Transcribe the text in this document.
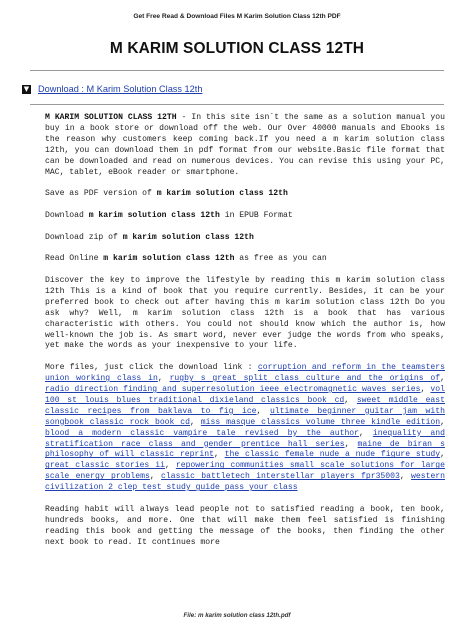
Get Free Read & Download Files M Karim Solution Class 12th PDF
M KARIM SOLUTION CLASS 12TH
▼ Download : M Karim Solution Class 12th

M KARIM SOLUTION CLASS 12TH - In this site isn`t the same as a solution manual you buy in a book store or download off the web. Our Over 40000 manuals and Ebooks is the reason why customers keep coming back.If you need a m karim solution class 12th, you can download them in pdf format from our website.Basic file format that can be downloaded and read on numerous devices. You can revise this using your PC, MAC, tablet, eBook reader or smartphone.

Save as PDF version of m karim solution class 12th

Download m karim solution class 12th in EPUB Format

Download zip of m karim solution class 12th

Read Online m karim solution class 12th as free as you can

Discover the key to improve the lifestyle by reading this m karim solution class 12th This is a kind of book that you require currently. Besides, it can be your preferred book to check out after having this m karim solution class 12th Do you ask why? Well, m karim solution class 12th is a book that has various characteristic with others. You could not should know which the author is, how well-known the job is. As smart word, never ever judge the words from who speaks, yet make the words as your inexpensive to your life.

More files, just click the download link : corruption and reform in the teamsters union working class in, rugby s great split class culture and the origins of, radio direction finding and superresolution ieee electromagnetic waves series, vol 100 st louis blues traditional dixieland classics book cd, sweet middle east classic recipes from baklava to fig ice, ultimate beginner guitar jam with songbook classic rock book cd, miss masque classics volume three kindle edition, blood a modern classic vampire tale revised by the author, inequality and stratification race class and gender prentice hall series, maine de biran s philosophy of will classic reprint, the classic female nude a nude figure study, great classic stories ii, repowering communities small scale solutions for large scale energy problems, classic battletech interstellar players fpr35003, western civilization 2 clep test study guide pass your class

Reading habit will always lead people not to satisfied reading a book, ten book, hundreds books, and more. One that will make them feel satisfied is finishing reading this book and getting the message of the books, then finding the other next book to read. It continues more

File: m karim solution class 12th.pdf
